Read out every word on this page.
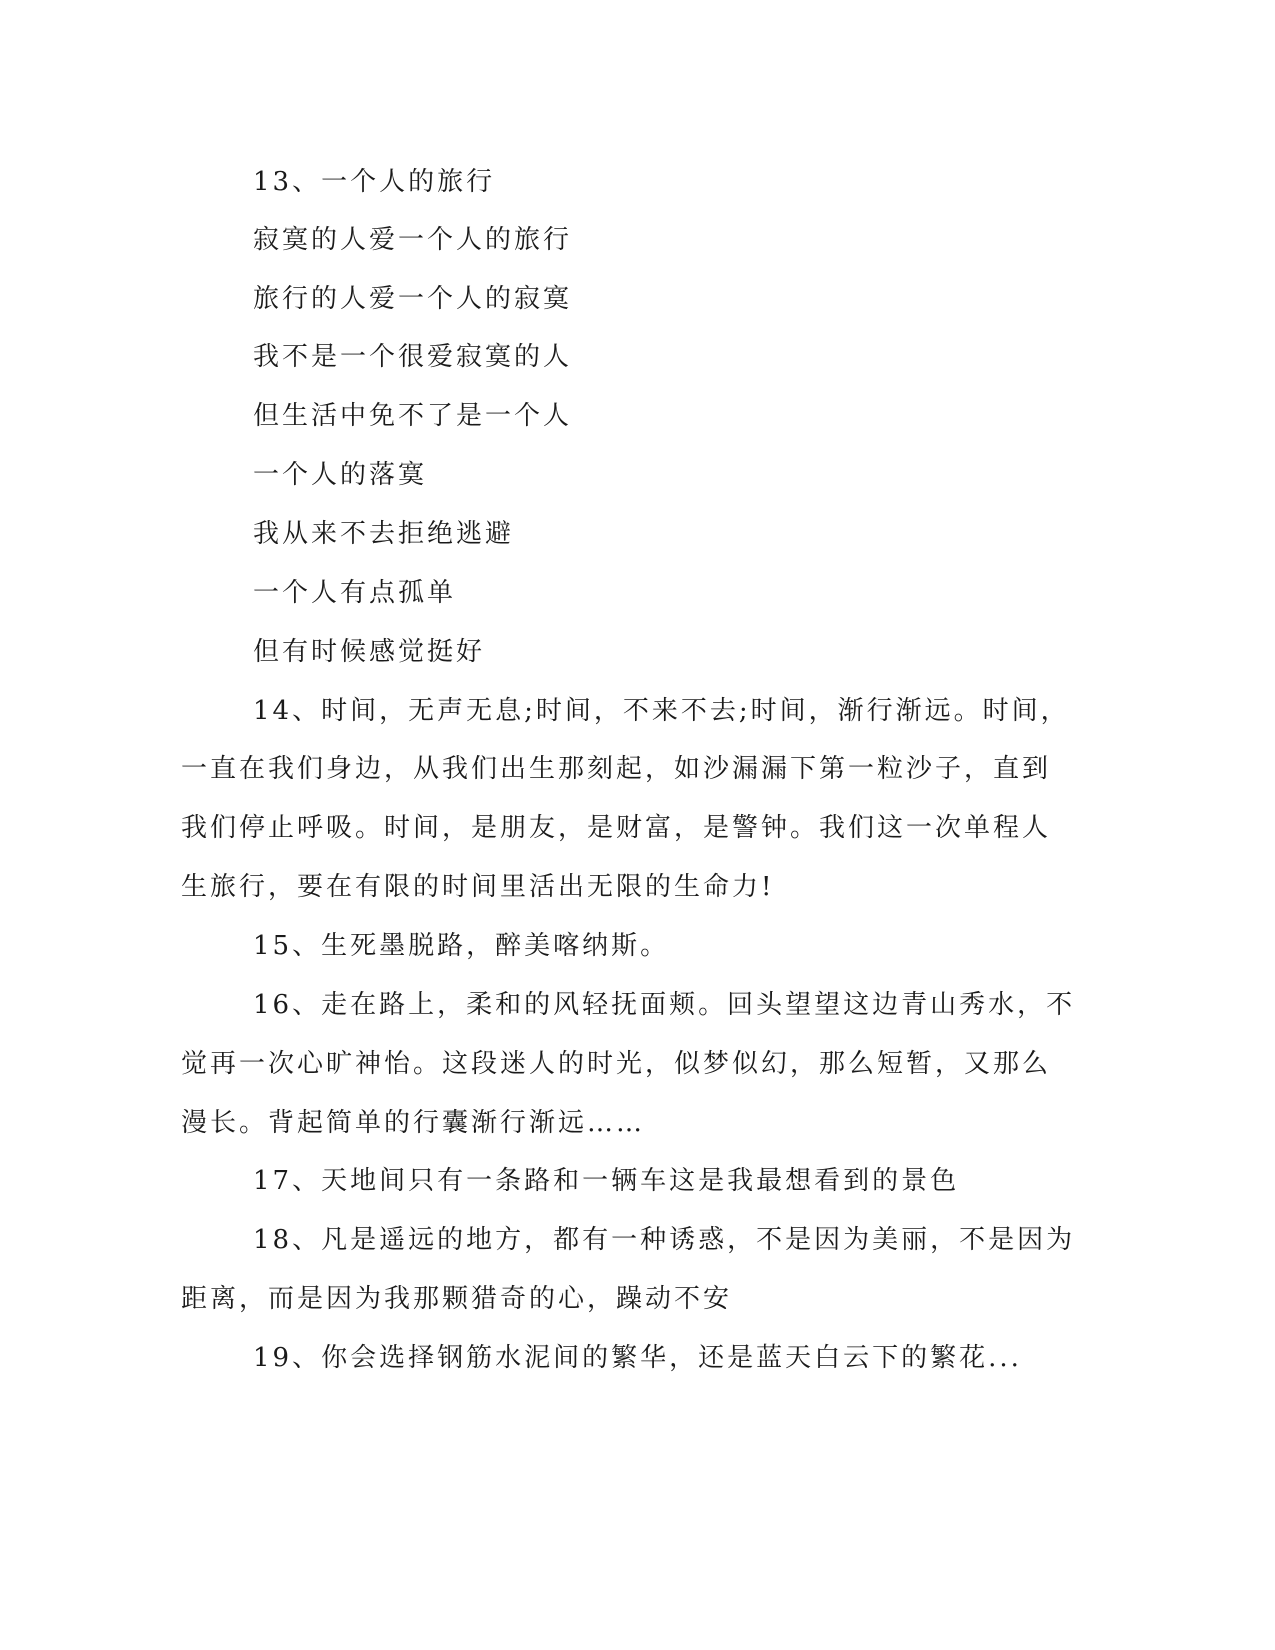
13、一个人的旅行

寂寞的人爱一个人的旅行

旅行的人爱一个人的寂寞

我不是一个很爱寂寞的人

但生活中免不了是一个人

一个人的落寞

我从来不去拒绝逃避

一个人有点孤单

但有时候感觉挺好

14、时间，无声无息;时间，不来不去;时间，渐行渐远。时间，

一直在我们身边，从我们出生那刻起，如沙漏漏下第一粒沙子，直到

我们停止呼吸。时间，是朋友，是财富，是警钟。我们这一次单程人

生旅行，要在有限的时间里活出无限的生命力!

15、生死墨脱路，醉美喀纳斯。

16、走在路上，柔和的风轻抚面颊。回头望望这边青山秀水，不

觉再一次心旷神怡。这段迷人的时光，似梦似幻，那么短暂，又那么

漫长。背起简单的行囊渐行渐远……

17、天地间只有一条路和一辆车这是我最想看到的景色

18、凡是遥远的地方，都有一种诱惑，不是因为美丽，不是因为

距离，而是因为我那颗猎奇的心，躁动不安

19、你会选择钢筋水泥间的繁华，还是蓝天白云下的繁花...
